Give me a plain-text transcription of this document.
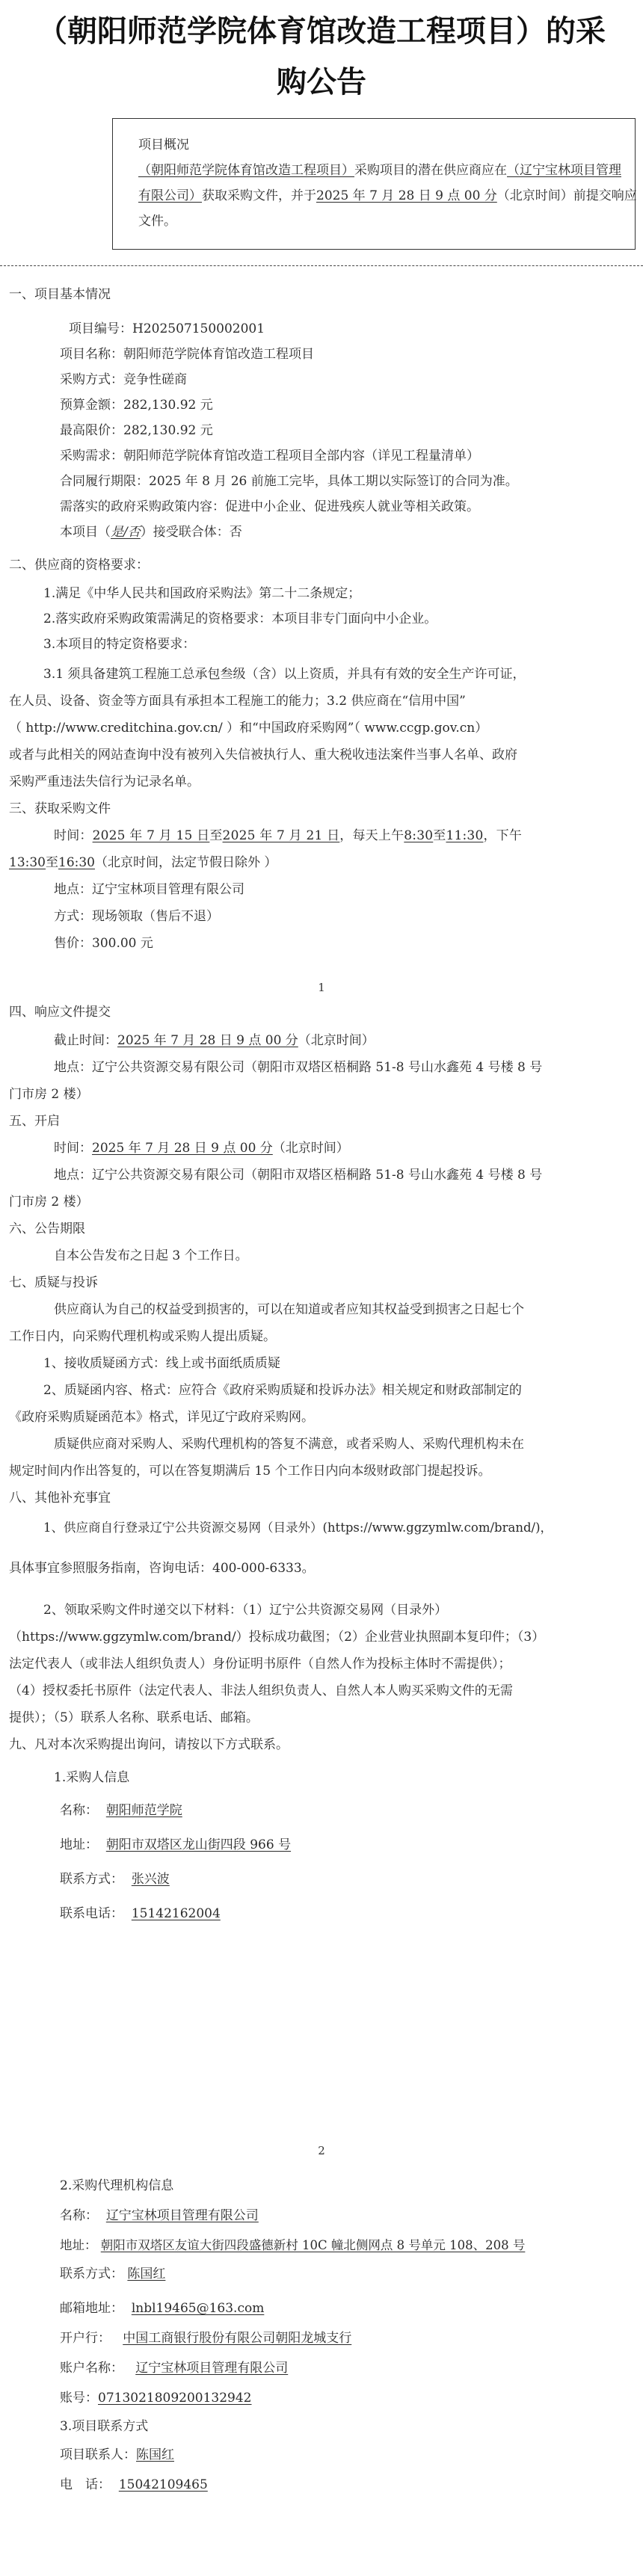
（朝阳师范学院体育馆改造工程项目）的采
购公告
项目概况
（朝阳师范学院体育馆改造工程项目）采购项目的潜在供应商应在（辽宁宝林项目管理
有限公司）获取采购文件，并于2025 年 7 月 28 日 9 点 00 分（北京时间）前提交响应
文件。
一、项目基本情况
项目编号：H202507150002001
项目名称：朝阳师范学院体育馆改造工程项目
采购方式：竞争性磋商
预算金额：282,130.92 元
最高限价：282,130.92 元
采购需求：朝阳师范学院体育馆改造工程项目全部内容（详见工程量清单）
合同履行期限：2025 年 8 月 26 前施工完毕，具体工期以实际签订的合同为准。
需落实的政府采购政策内容：促进中小企业、促进残疾人就业等相关政策。
本项目（是/否）接受联合体：否
二、供应商的资格要求：
1.满足《中华人民共和国政府采购法》第二十二条规定；
2.落实政府采购政策需满足的资格要求：本项目非专门面向中小企业。
3.本项目的特定资格要求：
3.1 须具备建筑工程施工总承包叁级（含）以上资质，并具有有效的安全生产许可证，
在人员、设备、资金等方面具有承担本工程施工的能力；3.2 供应商在“信用中国”
（ http://www.creditchina.gov.cn/ ）和“中国政府采购网”（ www.ccgp.gov.cn）
或者与此相关的网站查询中没有被列入失信被执行人、重大税收违法案件当事人名单、政府
采购严重违法失信行为记录名单。
三、获取采购文件
时间：2025 年 7 月 15 日至2025 年 7 月 21 日，每天上午8:30至11:30，下午
13:30至16:30（北京时间，法定节假日除外 ）
地点：辽宁宝林项目管理有限公司
方式：现场领取（售后不退）
售价：300.00 元
1
四、响应文件提交
截止时间：2025 年 7 月 28 日 9 点 00 分（北京时间）
地点：辽宁公共资源交易有限公司（朝阳市双塔区梧桐路 51-8 号山水鑫苑 4 号楼 8 号
门市房 2 楼）
五、开启
时间：2025 年 7 月 28 日 9 点 00 分（北京时间）
地点：辽宁公共资源交易有限公司（朝阳市双塔区梧桐路 51-8 号山水鑫苑 4 号楼 8 号
门市房 2 楼）
六、公告期限
自本公告发布之日起 3 个工作日。
七、质疑与投诉
供应商认为自己的权益受到损害的，可以在知道或者应知其权益受到损害之日起七个
工作日内，向采购代理机构或采购人提出质疑。
1、接收质疑函方式：线上或书面纸质质疑
2、质疑函内容、格式：应符合《政府采购质疑和投诉办法》相关规定和财政部制定的
《政府采购质疑函范本》格式，详见辽宁政府采购网。
质疑供应商对采购人、采购代理机构的答复不满意，或者采购人、采购代理机构未在
规定时间内作出答复的，可以在答复期满后 15 个工作日内向本级财政部门提起投诉。
八、其他补充事宜
1、供应商自行登录辽宁公共资源交易网（目录外）(https://www.ggzymlw.com/brand/)，
具体事宜参照服务指南，咨询电话：400-000-6333。
2、领取采购文件时递交以下材料：（1）辽宁公共资源交易网（目录外）
（https://www.ggzymlw.com/brand/）投标成功截图；（2）企业营业执照副本复印件；（3）
法定代表人（或非法人组织负责人）身份证明书原件（自然人作为投标主体时不需提供）；
（4）授权委托书原件（法定代表人、非法人组织负责人、自然人本人购买采购文件的无需
提供）；（5）联系人名称、联系电话、邮箱。
九、凡对本次采购提出询问，请按以下方式联系。
1.采购人信息
名称： 朝阳师范学院
地址： 朝阳市双塔区龙山街四段 966 号
联系方式： 张兴波
联系电话： 15142162004
2
2.采购代理机构信息
名称： 辽宁宝林项目管理有限公司
地址： 朝阳市双塔区友谊大街四段盛德新村 10C 幢北侧网点 8 号单元 108、208 号
联系方式： 陈国红
邮箱地址： lnbl19465@163.com
开户行： 中国工商银行股份有限公司朝阳龙城支行
账户名称： 辽宁宝林项目管理有限公司
账号：0713021809200132942
3.项目联系方式
项目联系人：陈国红
电　话： 15042109465
